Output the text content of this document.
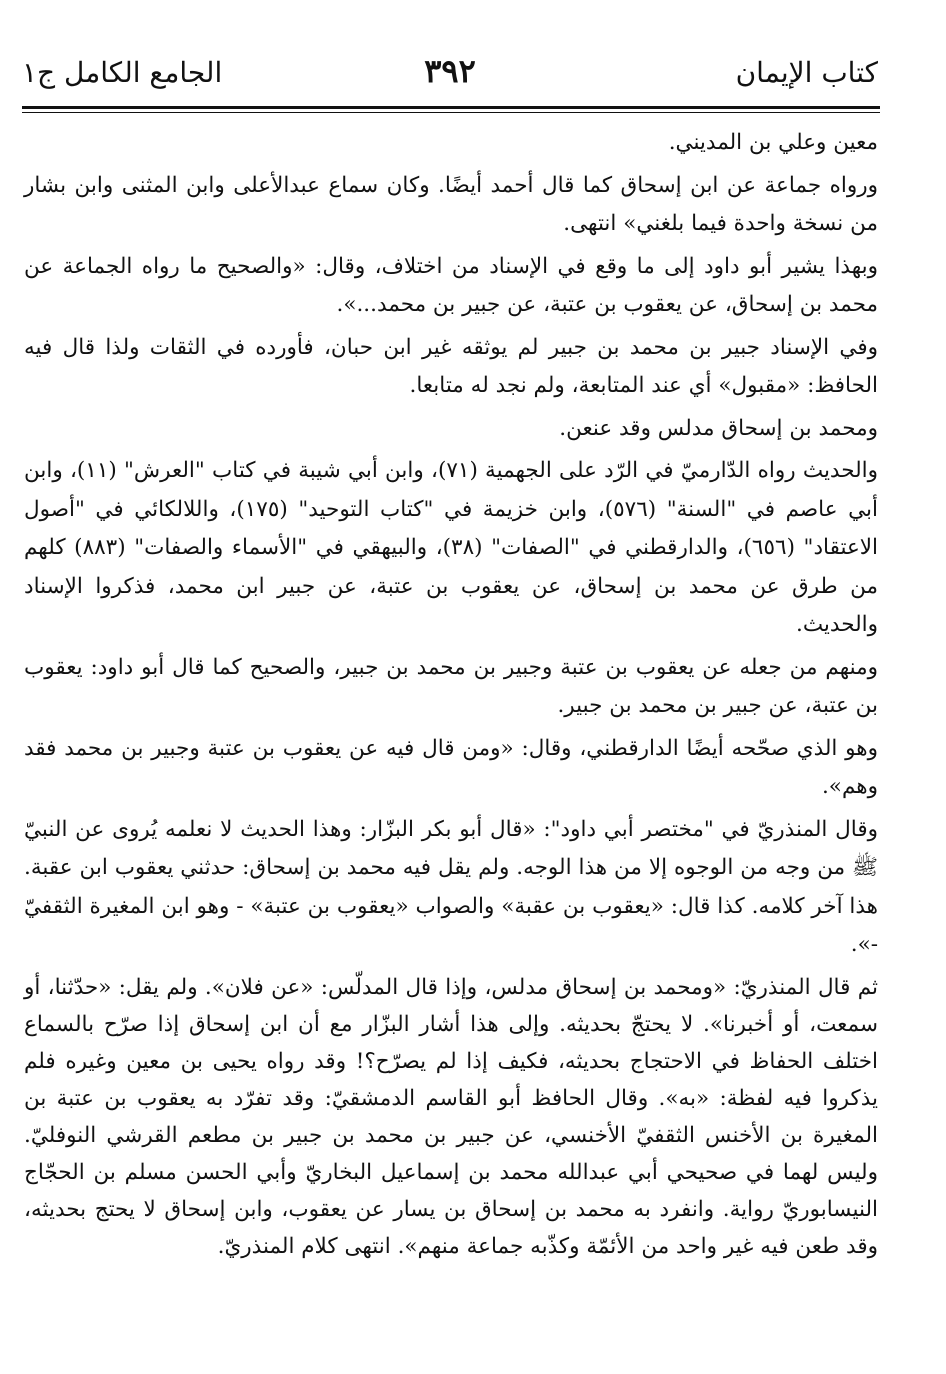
كتاب الإيمان
٣٩٢
الجامع الكامل ج١

معين وعلي بن المديني.

ورواه جماعة عن ابن إسحاق كما قال أحمد أيضًا. وكان سماع عبدالأعلى وابن المثنى وابن بشار من نسخة واحدة فيما بلغني» انتهى.

وبهذا يشير أبو داود إلى ما وقع في الإسناد من اختلاف، وقال: «والصحيح ما رواه الجماعة عن محمد بن إسحاق، عن يعقوب بن عتبة، عن جبير بن محمد...».

وفي الإسناد جبير بن محمد بن جبير لم يوثقه غير ابن حبان، فأورده في الثقات ولذا قال فيه الحافظ: «مقبول» أي عند المتابعة، ولم نجد له متابعا.

ومحمد بن إسحاق مدلس وقد عنعن.

والحديث رواه الدّارميّ في الرّد على الجهمية (٧١)، وابن أبي شيبة في كتاب "العرش" (١١)، وابن أبي عاصم في "السنة" (٥٧٦)، وابن خزيمة في "كتاب التوحيد" (١٧٥)، واللالكائي في "أصول الاعتقاد" (٦٥٦)، والدارقطني في "الصفات" (٣٨)، والبيهقي في "الأسماء والصفات" (٨٨٣) كلهم من طرق عن محمد بن إسحاق، عن يعقوب بن عتبة، عن جبير ابن محمد، فذكروا الإسناد والحديث.

ومنهم من جعله عن يعقوب بن عتبة وجبير بن محمد بن جبير، والصحيح كما قال أبو داود: يعقوب بن عتبة، عن جبير بن محمد بن جبير.

وهو الذي صحّحه أيضًا الدارقطني، وقال: «ومن قال فيه عن يعقوب بن عتبة وجبير بن محمد فقد وهم».

وقال المنذريّ في "مختصر أبي داود": «قال أبو بكر البزّار: وهذا الحديث لا نعلمه يُروى عن النبيّ ﷺ من وجه من الوجوه إلا من هذا الوجه. ولم يقل فيه محمد بن إسحاق: حدثني يعقوب ابن عقبة. هذا آخر كلامه. كذا قال: «يعقوب بن عقبة» والصواب «يعقوب بن عتبة» - وهو ابن المغيرة الثقفيّ -».

ثم قال المنذريّ: «ومحمد بن إسحاق مدلس، وإذا قال المدلّس: «عن فلان». ولم يقل: «حدّثنا، أو سمعت، أو أخبرنا». لا يحتجّ بحديثه. وإلى هذا أشار البزّار مع أن ابن إسحاق إذا صرّح بالسماع اختلف الحفاظ في الاحتجاج بحديثه، فكيف إذا لم يصرّح؟! وقد رواه يحيى بن معين وغيره فلم يذكروا فيه لفظة: «به». وقال الحافظ أبو القاسم الدمشقيّ: وقد تفرّد به يعقوب بن عتبة بن المغيرة بن الأخنس الثقفيّ الأخنسي، عن جبير بن محمد بن جبير بن مطعم القرشي النوفليّ. وليس لهما في صحيحي أبي عبدالله محمد بن إسماعيل البخاريّ وأبي الحسن مسلم بن الحجّاج النيسابوريّ رواية. وانفرد به محمد بن إسحاق بن يسار عن يعقوب، وابن إسحاق لا يحتج بحديثه، وقد طعن فيه غير واحد من الأئمّة وكذّبه جماعة منهم». انتهى كلام المنذريّ.
